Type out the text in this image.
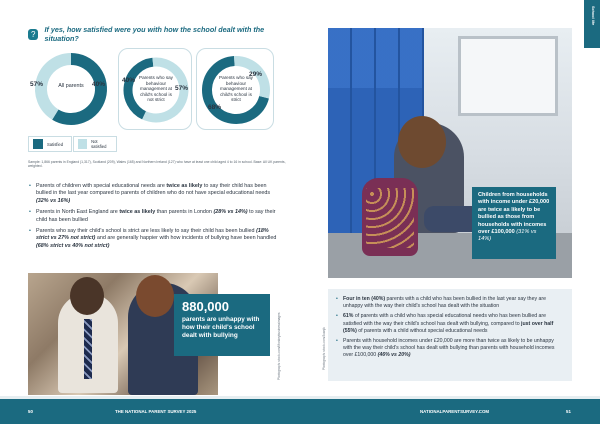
?	If yes, how satisfied were you with how the school dealt with the situation?
All parents
57%	40%
Parents who say behaviour management at child's school is not strict
40%
57%
Parents who say behaviour management at child's school is strict
29%
68%
Satisfied	Not satisfied
Sample: 1,866 parents in England (1,317), Scotland (209), Wales (165) and Northern Ireland (127) who have at least one child aged 4 to 16 in school. Base: All UK parents, weighted.
• Parents of children with special educational needs are twice as likely to say their child has been bullied in the last year compared to parents of children who do not have special educational needs (32% vs 16%)
• Parents in North East England are twice as likely than parents in London (28% vs 14%) to say their child has been bullied
• Parents who say their child's school is strict are less likely to say their child has been bullied (18% strict vs 27% not strict) and are generally happier with how incidents of bullying have been handled (68% strict vs 40% not strict)
880,000
parents are unhappy with how their child's school dealt with bullying	Photograph: stock.com/Monkeybusinessimages
Children from households with income under £20,000 are twice as likely to be bullied as those from households with incomes over £100,000 (31% vs 14%)
Photograph: stock.com/Juanjk
• Four in ten (40%) parents with a child who has been bullied in the last year say they are unhappy with the way their child's school has dealt with the situation
• 61% of parents with a child who has special educational needs who has been bullied are satisfied with the way their child's school has dealt with bullying, compared to just over half (55%) of parents with a child without special educational needs
• Parents with household incomes under £20,000 are more than twice as likely to be unhappy with the way their child's school has dealt with bullying than parents with household incomes over £100,000 (46% vs 20%)
School life
50	THE NATIONAL PARENT SURVEY 2025	NATIONALPARENTSURVEY.COM	51
